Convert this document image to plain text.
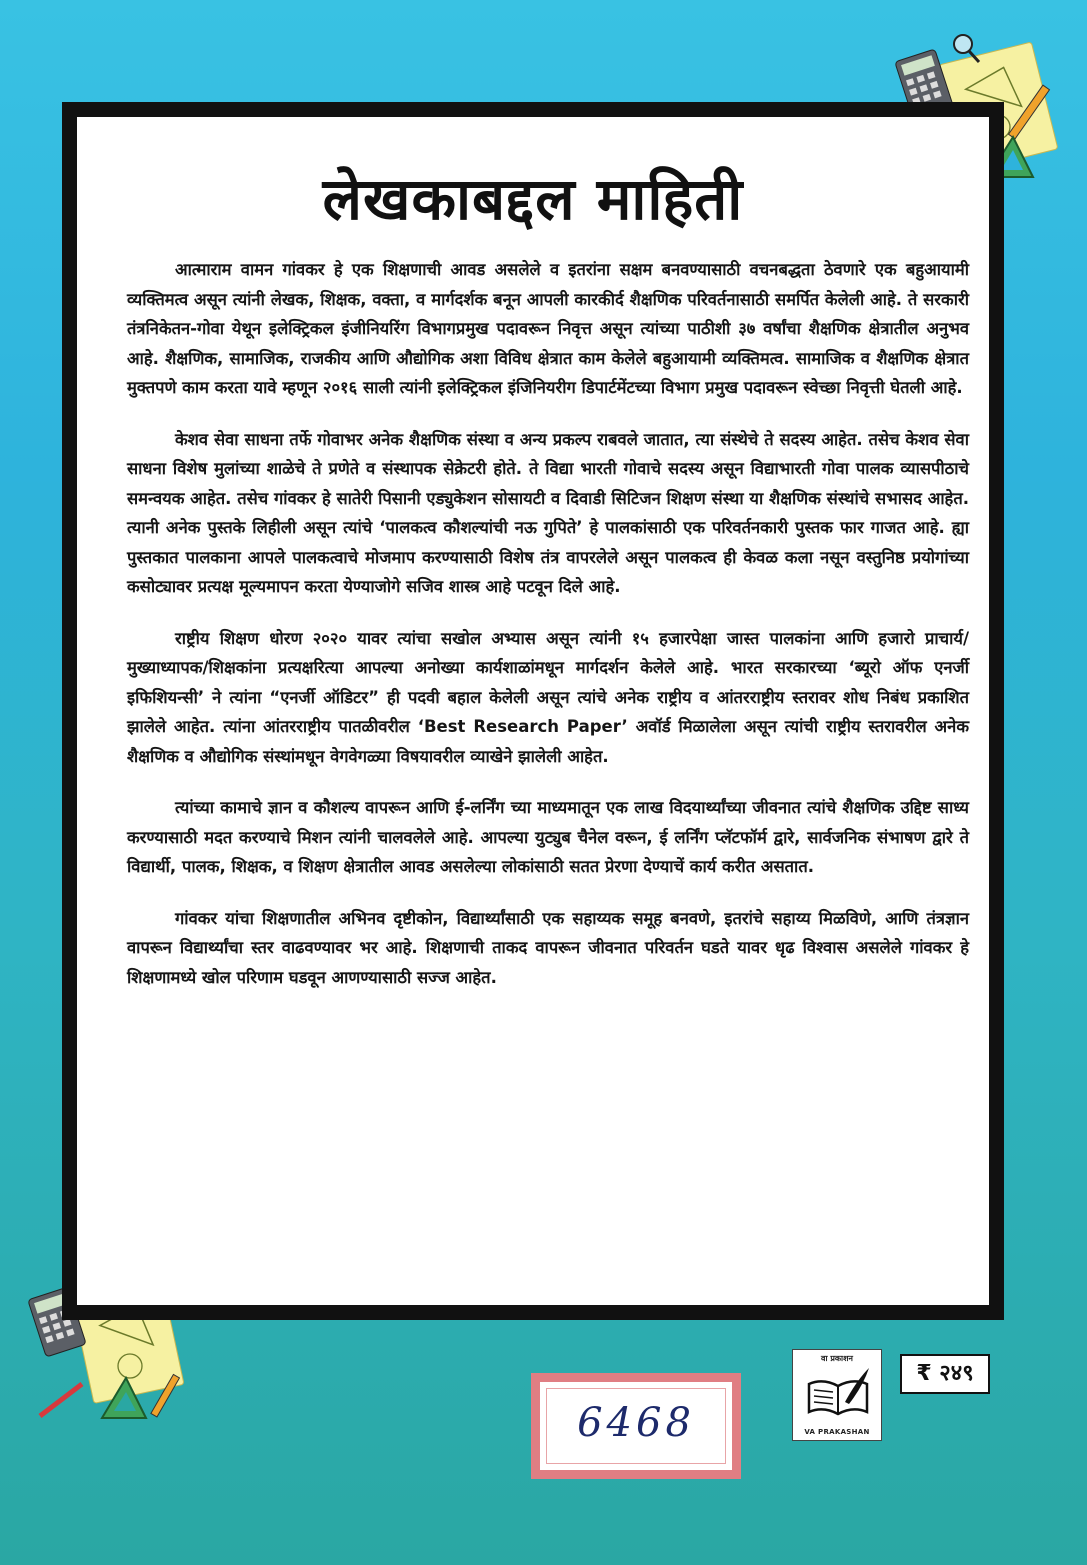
लेखकाबद्दल माहिती

आत्माराम वामन गांवकर हे एक शिक्षणाची आवड असलेले व इतरांना सक्षम बनवण्यासाठी वचनबद्धता ठेवणारे एक बहुआयामी व्यक्तिमत्व असून त्यांनी लेखक, शिक्षक, वक्ता, व मार्गदर्शक बनून आपली कारकीर्द शैक्षणिक परिवर्तनासाठी समर्पित केलेली आहे. ते सरकारी तंत्रनिकेतन-गोवा येथून इलेक्ट्रिकल इंजीनियरिंग विभागप्रमुख पदावरून निवृत्त असून त्यांच्या पाठीशी ३७ वर्षांचा शैक्षणिक क्षेत्रातील अनुभव आहे. शैक्षणिक, सामाजिक, राजकीय आणि औद्योगिक अशा विविध क्षेत्रात काम केलेले बहुआयामी व्यक्तिमत्व. सामाजिक व शैक्षणिक क्षेत्रात मुक्तपणे काम करता यावे म्हणून २०१६ साली त्यांनी इलेक्ट्रिकल इंजिनियरीग डिपार्टमेंटच्या विभाग प्रमुख पदावरून स्वेच्छा निवृत्ती घेतली आहे.

केशव सेवा साधना तर्फे गोवाभर अनेक शैक्षणिक संस्था व अन्य प्रकल्प राबवले जातात, त्या संस्थेचे ते सदस्य आहेत. तसेच केशव सेवा साधना विशेष मुलांच्या शाळेचे ते प्रणेते व संस्थापक सेक्रेटरी होते. ते विद्या भारती गोवाचे सदस्य असून विद्याभारती गोवा पालक व्यासपीठाचे समन्वयक आहेत. तसेच गांवकर हे सातेरी पिसानी एड्युकेशन सोसायटी व दिवाडी सिटिजन शिक्षण संस्था या शैक्षणिक संस्थांचे सभासद आहेत. त्यानी अनेक पुस्तके लिहीली असून त्यांचे ‘पालकत्व कौशल्यांची नऊ गुपिते’ हे पालकांसाठी एक परिवर्तनकारी पुस्तक फार गाजत आहे. ह्या पुस्तकात पालकाना आपले पालकत्वाचे मोजमाप करण्यासाठी विशेष तंत्र वापरलेले असून पालकत्व ही केवळ कला नसून वस्तुनिष्ठ प्रयोगांच्या कसोट्यावर प्रत्यक्ष मूल्यमापन करता येण्याजोगे सजिव शास्त्र आहे पटवून दिले आहे.

राष्ट्रीय शिक्षण धोरण २०२० यावर त्यांचा सखोल अभ्यास असून त्यांनी १५ हजारपेक्षा जास्त पालकांना आणि हजारो प्राचार्य/मुख्याध्यापक/शिक्षकांना प्रत्यक्षरित्या आपल्या अनोख्या कार्यशाळांमधून मार्गदर्शन केलेले आहे. भारत सरकारच्या ‘ब्यूरो ऑफ एनर्जी इफिशियन्सी’ ने त्यांना “एनर्जी ऑडिटर” ही पदवी बहाल केलेली असून त्यांचे अनेक राष्ट्रीय व आंतरराष्ट्रीय स्तरावर शोध निबंध प्रकाशित झालेले आहेत. त्यांना आंतरराष्ट्रीय पातळीवरील ‘Best Research Paper’ अवॉर्ड मिळालेला असून त्यांची राष्ट्रीय स्तरावरील अनेक शैक्षणिक व औद्योगिक संस्थांमधून वेगवेगळ्या विषयावरील व्याखेने झालेली आहेत.

त्यांच्या कामाचे ज्ञान व कौशल्य वापरून आणि ई-लर्निंग च्या माध्यमातून एक लाख विदयार्थ्यांच्या जीवनात त्यांचे शैक्षणिक उद्दिष्ट साध्य करण्यासाठी मदत करण्याचे मिशन त्यांनी चालवलेले आहे. आपल्या युट्युब चैनेल वरून, ई लर्निंग प्लॅटफॉर्म द्वारे, सार्वजनिक संभाषण द्वारे ते विद्यार्थी, पालक, शिक्षक, व शिक्षण क्षेत्रातील आवड असलेल्या लोकांसाठी सतत प्रेरणा देण्याचें कार्य करीत असतात.

गांवकर यांचा शिक्षणातील अभिनव दृष्टीकोन, विद्यार्थ्यांसाठी एक सहाय्यक समूह बनवणे, इतरांचे सहाय्य मिळविणे, आणि तंत्रज्ञान वापरून विद्यार्थ्यांचा स्तर वाढवण्यावर भर आहे. शिक्षणाची ताकद वापरून जीवनात परिवर्तन घडते यावर धृढ विश्वास असलेले गांवकर हे शिक्षणामध्ये खोल परिणाम घडवून आणण्यासाठी सज्ज आहेत.

6468
वा प्रकाशन
VA PRAKASHAN
₹ २४९
